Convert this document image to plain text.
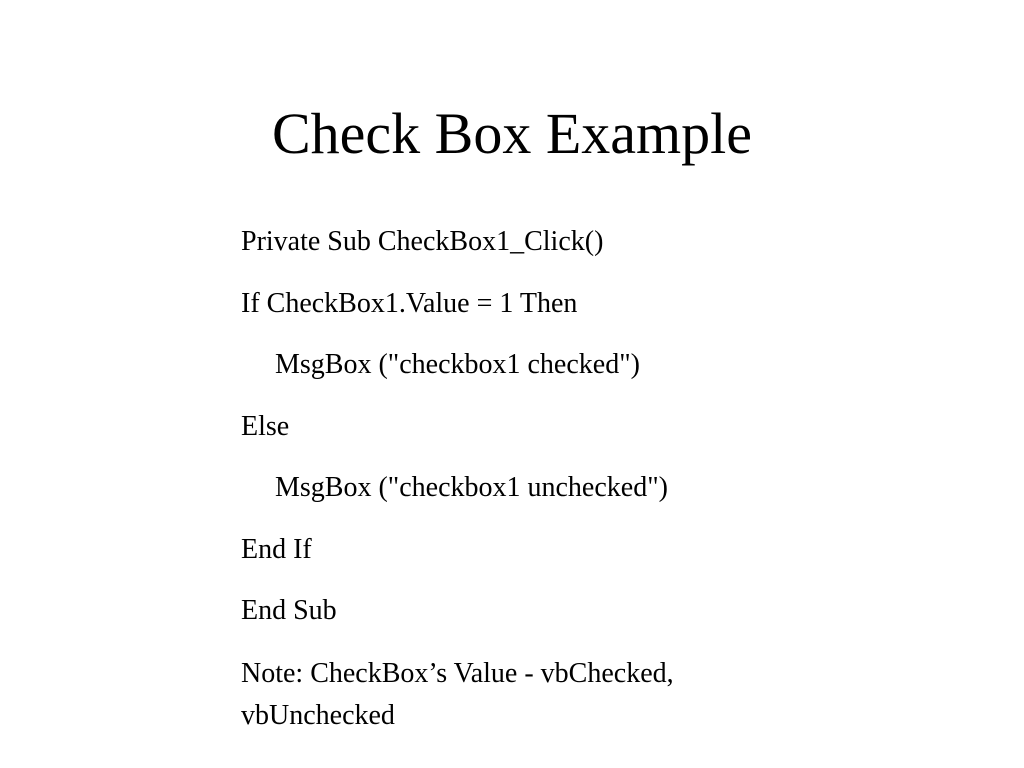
Check Box Example
Private Sub CheckBox1_Click()
If CheckBox1.Value = 1 Then
MsgBox ("checkbox1 checked")
Else
MsgBox ("checkbox1 unchecked")
End If
End Sub
Note: CheckBox’s Value - vbChecked, vbUnchecked
